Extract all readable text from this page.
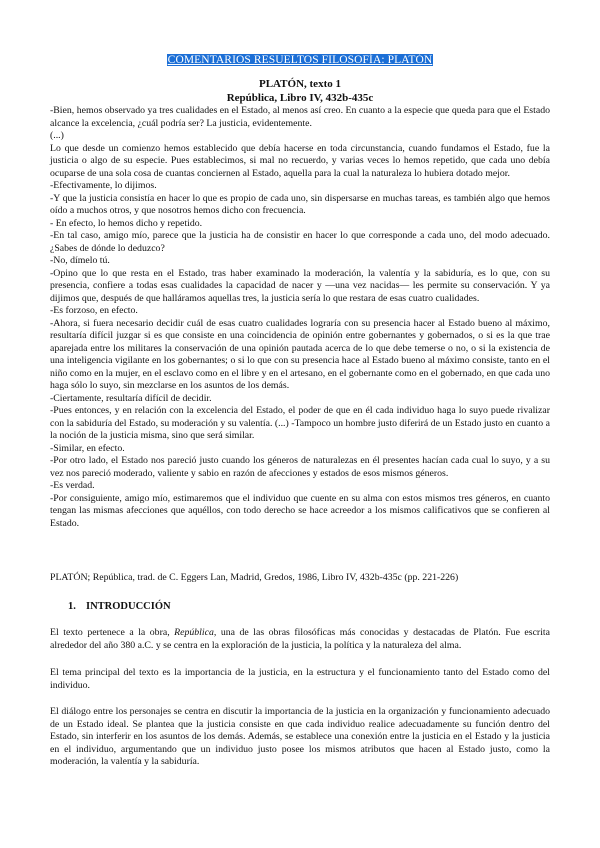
COMENTARIOS RESUELTOS FILOSOFÍA: PLATÓN
PLATÓN, texto 1
República, Libro IV, 432b-435c

-Bien, hemos observado ya tres cualidades en el Estado, al menos así creo. En cuanto a la especie que queda para que el Estado alcance la excelencia, ¿cuál podría ser? La justicia, evidentemente.

(...)

Lo que desde un comienzo hemos establecido que debía hacerse en toda circunstancia, cuando fundamos el Estado, fue la justicia o algo de su especie. Pues establecimos, si mal no recuerdo, y varias veces lo hemos repetido, que cada uno debía ocuparse de una sola cosa de cuantas conciernen al Estado, aquella para la cual la naturaleza lo hubiera dotado mejor.

-Efectivamente, lo dijimos.

-Y que la justicia consistía en hacer lo que es propio de cada uno, sin dispersarse en muchas tareas, es también algo que hemos oído a muchos otros, y que nosotros hemos dicho con frecuencia.

- En efecto, lo hemos dicho y repetido.

-En tal caso, amigo mío, parece que la justicia ha de consistir en hacer lo que corresponde a cada uno, del modo adecuado. ¿Sabes de dónde lo deduzco?

-No, dímelo tú.

-Opino que lo que resta en el Estado, tras haber examinado la moderación, la valentía y la sabiduría, es lo que, con su presencia, confiere a todas esas cualidades la capacidad de nacer y —una vez nacidas— les permite su conservación. Y ya dijimos que, después de que halláramos aquellas tres, la justicia sería lo que restara de esas cuatro cualidades.

-Es forzoso, en efecto.

-Ahora, si fuera necesario decidir cuál de esas cuatro cualidades lograría con su presencia hacer al Estado bueno al máximo, resultaría difícil juzgar si es que consiste en una coincidencia de opinión entre gobernantes y gobernados, o si es la que trae aparejada entre los militares la conservación de una opinión pautada acerca de lo que debe temerse o no, o si la existencia de una inteligencia vigilante en los gobernantes; o si lo que con su presencia hace al Estado bueno al máximo consiste, tanto en el niño como en la mujer, en el esclavo como en el libre y en el artesano, en el gobernante como en el gobernado, en que cada uno haga sólo lo suyo, sin mezclarse en los asuntos de los demás.

-Ciertamente, resultaría difícil de decidir.

-Pues entonces, y en relación con la excelencia del Estado, el poder de que en él cada individuo haga lo suyo puede rivalizar con la sabiduría del Estado, su moderación y su valentía. (...) -Tampoco un hombre justo diferirá de un Estado justo en cuanto a la noción de la justicia misma, sino que será similar.

-Similar, en efecto.

-Por otro lado, el Estado nos pareció justo cuando los géneros de naturalezas en él presentes hacían cada cual lo suyo, y a su vez nos pareció moderado, valiente y sabio en razón de afecciones y estados de esos mismos géneros.

-Es verdad.

-Por consiguiente, amigo mío, estimaremos que el individuo que cuente en su alma con estos mismos tres géneros, en cuanto tengan las mismas afecciones que aquéllos, con todo derecho se hace acreedor a los mismos calificativos que se confieren al Estado.

PLATÓN; República, trad. de C. Eggers Lan, Madrid, Gredos, 1986, Libro IV, 432b-435c (pp. 221-226)
1. INTRODUCCIÓN

El texto pertenece a la obra, República, una de las obras filosóficas más conocidas y destacadas de Platón. Fue escrita alrededor del año 380 a.C. y se centra en la exploración de la justicia, la política y la naturaleza del alma.

El tema principal del texto es la importancia de la justicia, en la estructura y el funcionamiento tanto del Estado como del individuo.

El diálogo entre los personajes se centra en discutir la importancia de la justicia en la organización y funcionamiento adecuado de un Estado ideal. Se plantea que la justicia consiste en que cada individuo realice adecuadamente su función dentro del Estado, sin interferir en los asuntos de los demás. Además, se establece una conexión entre la justicia en el Estado y la justicia en el individuo, argumentando que un individuo justo posee los mismos atributos que hacen al Estado justo, como la moderación, la valentía y la sabiduría.
